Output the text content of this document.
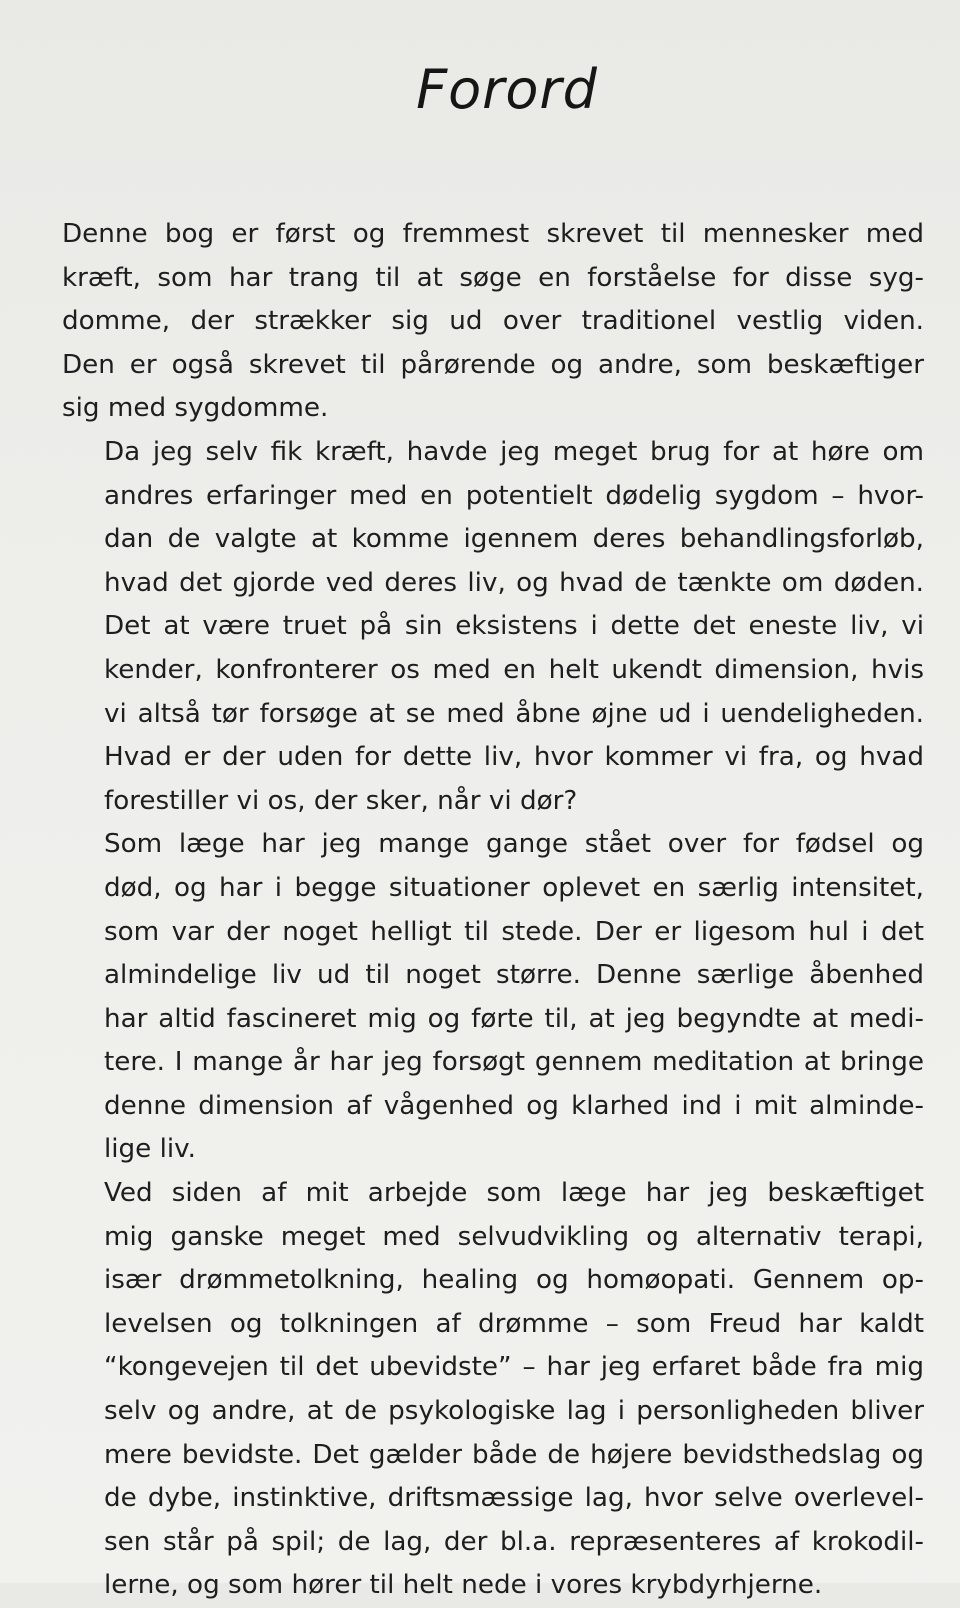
Forord

Denne bog er først og fremmest skrevet til mennesker med
kræft, som har trang til at søge en forståelse for disse syg-
domme, der strækker sig ud over traditionel vestlig viden.
Den er også skrevet til pårørende og andre, som beskæftiger
sig med sygdomme.

Da jeg selv fik kræft, havde jeg meget brug for at høre om
andres erfaringer med en potentielt dødelig sygdom – hvor-
dan de valgte at komme igennem deres behandlingsforløb,
hvad det gjorde ved deres liv, og hvad de tænkte om døden.
Det at være truet på sin eksistens i dette det eneste liv, vi
kender, konfronterer os med en helt ukendt dimension, hvis
vi altså tør forsøge at se med åbne øjne ud i uendeligheden.
Hvad er der uden for dette liv, hvor kommer vi fra, og hvad
forestiller vi os, der sker, når vi dør?

Som læge har jeg mange gange stået over for fødsel og
død, og har i begge situationer oplevet en særlig intensitet,
som var der noget helligt til stede. Der er ligesom hul i det
almindelige liv ud til noget større. Denne særlige åbenhed
har altid fascineret mig og førte til, at jeg begyndte at medi-
tere. I mange år har jeg forsøgt gennem meditation at bringe
denne dimension af vågenhed og klarhed ind i mit alminde-
lige liv.

Ved siden af mit arbejde som læge har jeg beskæftiget
mig ganske meget med selvudvikling og alternativ terapi,
især drømmetolkning, healing og homøopati. Gennem op-
levelsen og tolkningen af drømme – som Freud har kaldt
“kongevejen til det ubevidste” – har jeg erfaret både fra mig
selv og andre, at de psykologiske lag i personligheden bliver
mere bevidste. Det gælder både de højere bevidsthedslag og
de dybe, instinktive, driftsmæssige lag, hvor selve overlevel-
sen står på spil; de lag, der bl.a. repræsenteres af krokodil-
lerne, og som hører til helt nede i vores krybdyrhjerne.
